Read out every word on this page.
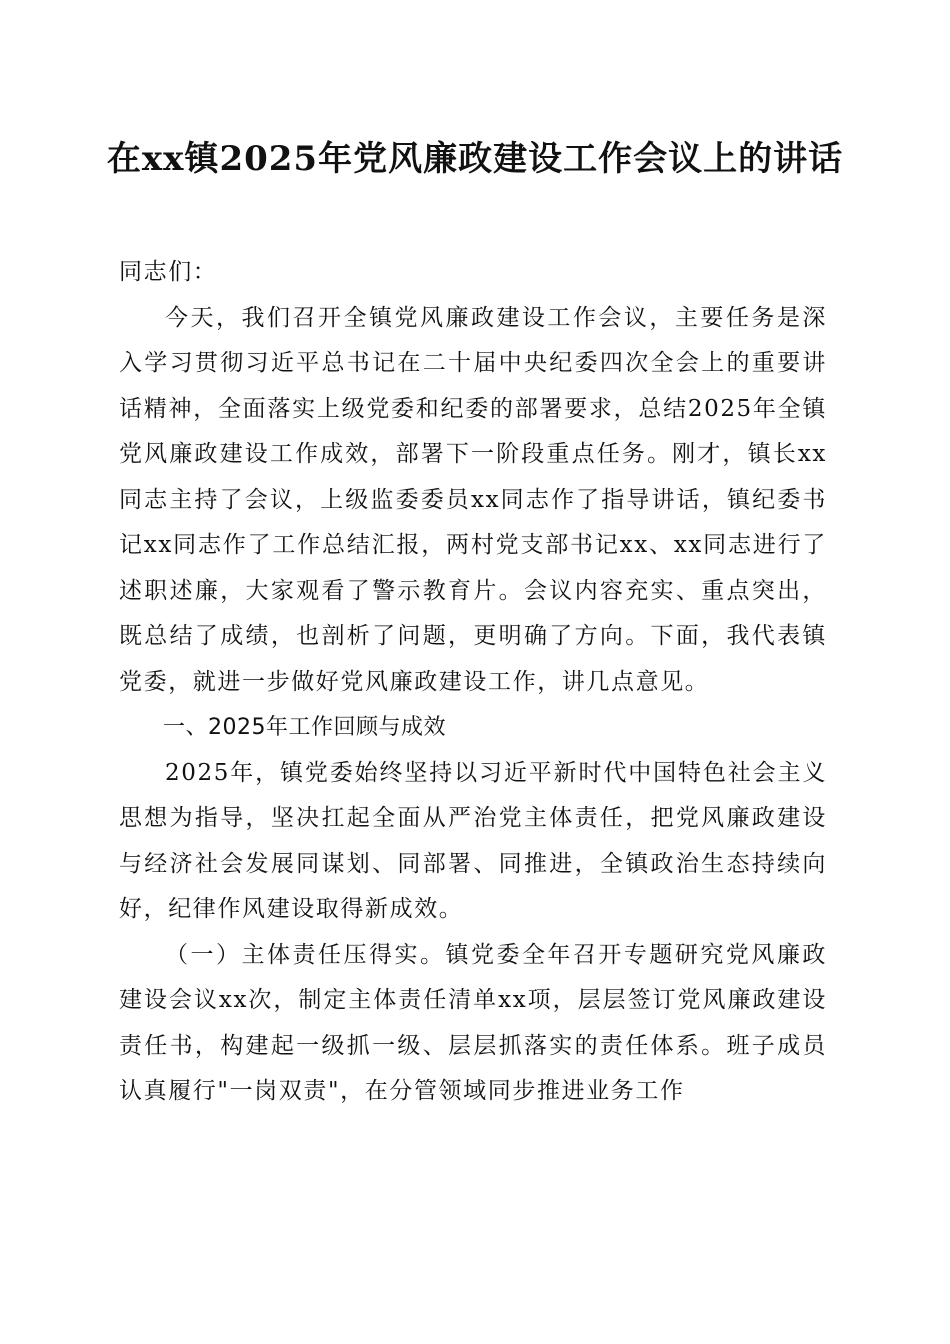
在xx镇2025年党风廉政建设工作会议上的讲话

同志们：

今天，我们召开全镇党风廉政建设工作会议，主要任务是深入学习贯彻习近平总书记在二十届中央纪委四次全会上的重要讲话精神，全面落实上级党委和纪委的部署要求，总结2025年全镇党风廉政建设工作成效，部署下一阶段重点任务。刚才，镇长xx同志主持了会议，上级监委委员xx同志作了指导讲话，镇纪委书记xx同志作了工作总结汇报，两村党支部书记xx、xx同志进行了述职述廉，大家观看了警示教育片。会议内容充实、重点突出，既总结了成绩，也剖析了问题，更明确了方向。下面，我代表镇党委，就进一步做好党风廉政建设工作，讲几点意见。

一、2025年工作回顾与成效

2025年，镇党委始终坚持以习近平新时代中国特色社会主义思想为指导，坚决扛起全面从严治党主体责任，把党风廉政建设与经济社会发展同谋划、同部署、同推进，全镇政治生态持续向好，纪律作风建设取得新成效。

（一）主体责任压得实。镇党委全年召开专题研究党风廉政建设会议xx次，制定主体责任清单xx项，层层签订党风廉政建设责任书，构建起一级抓一级、层层抓落实的责任体系。班子成员认真履行"一岗双责"，在分管领域同步推进业务工作
